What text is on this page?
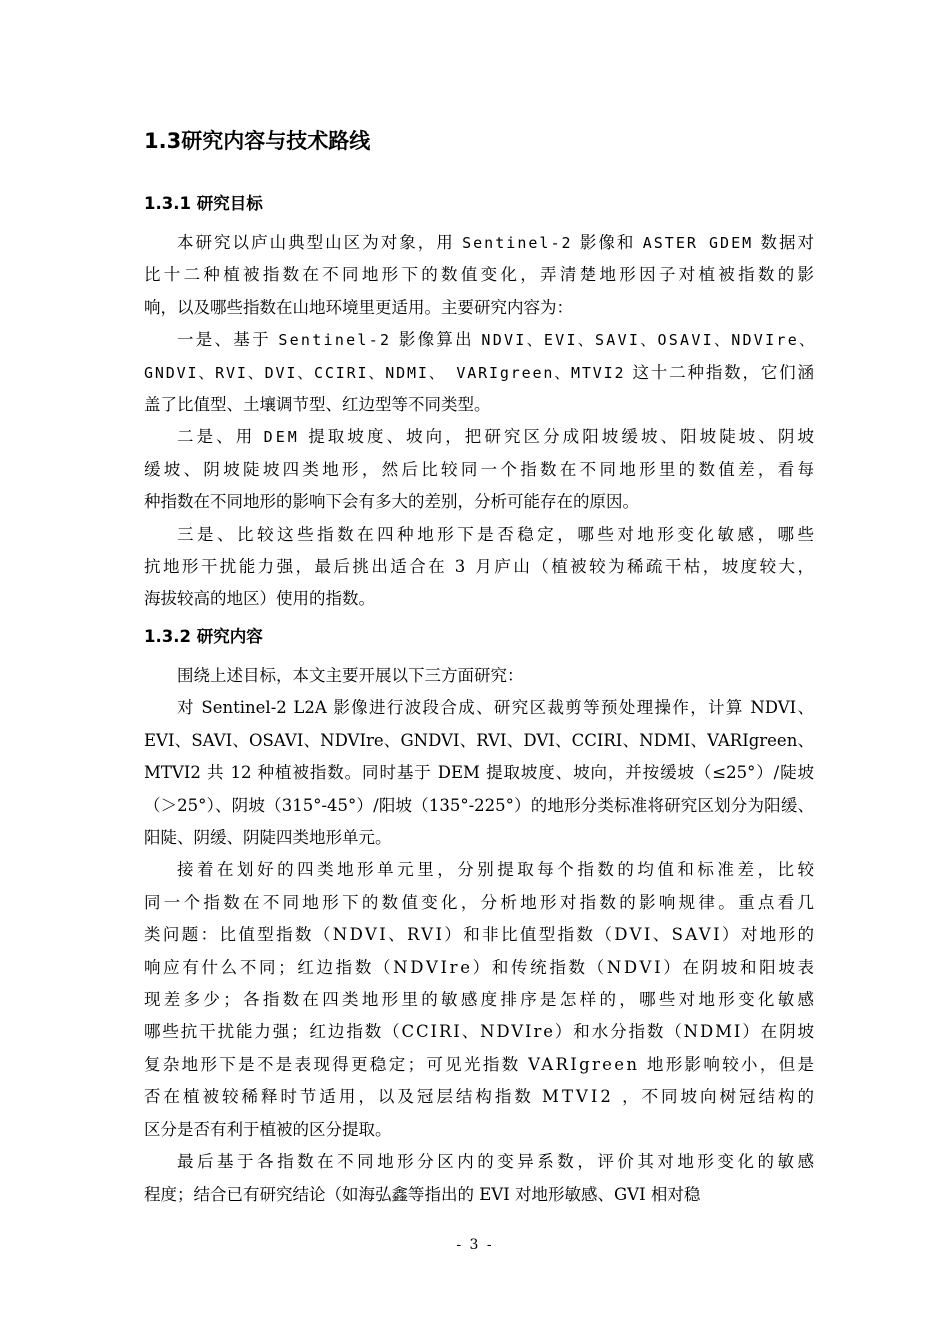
1.3研究内容与技术路线
1.3.1 研究目标

本研究以庐山典型山区为对象，用 Sentinel-2 影像和 ASTER GDEM 数据对
比十二种植被指数在不同地形下的数值变化，弄清楚地形因子对植被指数的影
响，以及哪些指数在山地环境里更适用。主要研究内容为：

一是、基于 Sentinel-2 影像算出 NDVI、EVI、SAVI、OSAVI、NDVIre、
GNDVI、RVI、DVI、CCIRI、NDMI、 VARIgreen、MTVI2 这十二种指数，它们涵
盖了比值型、土壤调节型、红边型等不同类型。

二是、用 DEM 提取坡度、坡向，把研究区分成阳坡缓坡、阳坡陡坡、阴坡
缓坡、阴坡陡坡四类地形，然后比较同一个指数在不同地形里的数值差，看每
种指数在不同地形的影响下会有多大的差别，分析可能存在的原因。

三是、比较这些指数在四种地形下是否稳定，哪些对地形变化敏感，哪些
抗地形干扰能力强，最后挑出适合在 3 月庐山（植被较为稀疏干枯，坡度较大，
海拔较高的地区）使用的指数。

1.3.2 研究内容

围绕上述目标，本文主要开展以下三方面研究：

对 Sentinel-2 L2A 影像进行波段合成、研究区裁剪等预处理操作，计算 NDVI、EVI、SAVI、OSAVI、NDVIre、GNDVI、RVI、DVI、CCIRI、NDMI、VARIgreen、MTVI2 共 12 种植被指数。同时基于 DEM 提取坡度、坡向，并按缓坡（≤25°）/陡坡（＞25°）、阴坡（315°-45°）/阳坡（135°-225°）的地形分类标准将研究区划分为阳缓、阳陡、阴缓、阴陡四类地形单元。

接着在划好的四类地形单元里，分别提取每个指数的均值和标准差，比较
同一个指数在不同地形下的数值变化，分析地形对指数的影响规律。重点看几
类问题：比值型指数（NDVI、RVI）和非比值型指数（DVI、SAVI）对地形的
响应有什么不同；红边指数（NDVIre）和传统指数（NDVI）在阴坡和阳坡表
现差多少；各指数在四类地形里的敏感度排序是怎样的，哪些对地形变化敏感
哪些抗干扰能力强；红边指数（CCIRI、NDVIre）和水分指数（NDMI）在阴坡
复杂地形下是不是表现得更稳定；可见光指数 VARIgreen 地形影响较小，但是
否在植被较稀释时节适用，以及冠层结构指数 MTVI2 ，不同坡向树冠结构的
区分是否有利于植被的区分提取。

最后基于各指数在不同地形分区内的变异系数，评价其对地形变化的敏感
程度；结合已有研究结论（如海弘鑫等指出的 EVI 对地形敏感、GVI 相对稳

- 3 -
